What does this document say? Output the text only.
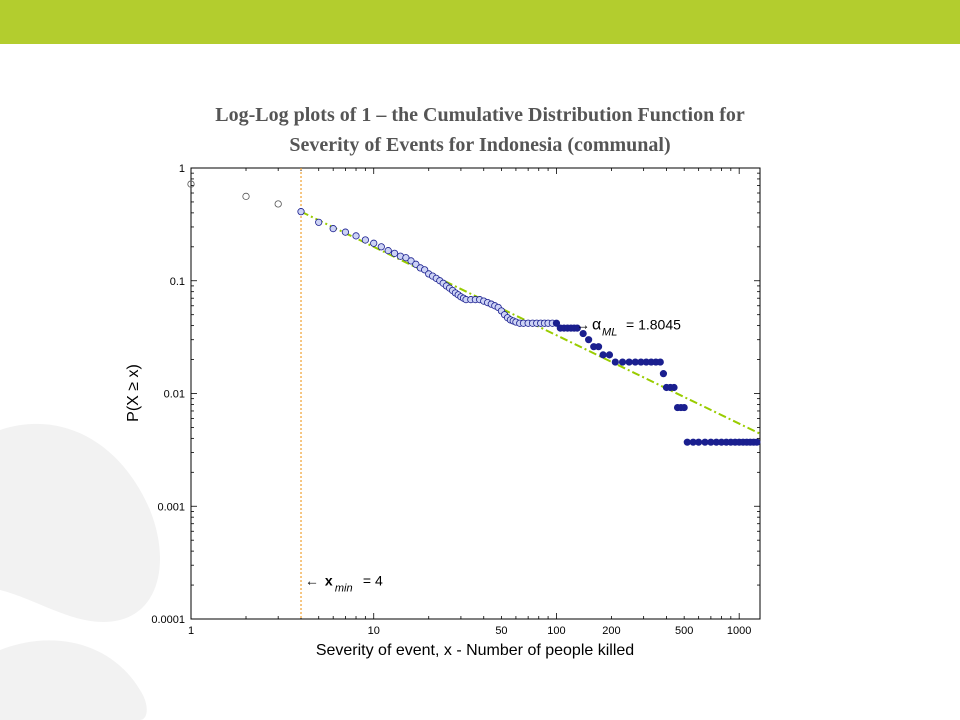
Log-Log plots of 1 – the Cumulative Distribution Function for
Severity of Events for Indonesia (communal)
1	10	50	100	200	500	1000
1
0.1
0.01
0.001
0.0001
→ α ML = 1.8045
← x min = 4
Severity of event, x - Number of people killed
P(X ≥ x)
